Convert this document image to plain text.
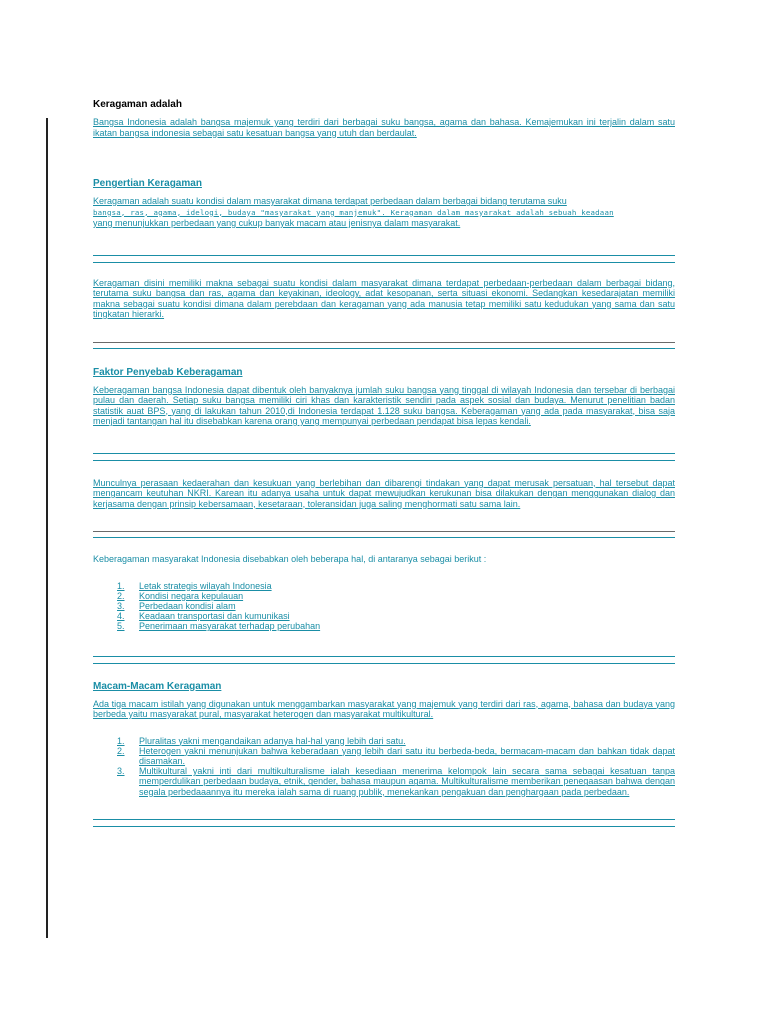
Keragaman adalah

Bangsa Indonesia adalah bangsa majemuk yang terdiri dari berbagai suku bangsa, agama dan bahasa. Kemajemukan ini terjalin dalam satu ikatan bangsa indonesia sebagai satu kesatuan bangsa yang utuh dan berdaulat.

Pengertian Keragaman

Keragaman adalah suatu kondisi dalam masyarakat dimana terdapat perbedaan dalam berbagai bidang terutama suku
bangsa, ras, agama, idelogi, budaya "masyarakat yang manjemuk". Keragaman dalam masyarakat adalah sebuah keadaan
yang menunjukkan perbedaan yang cukup banyak macam atau jenisnya dalam masyarakat.

Keragaman disini memiliki makna sebagai suatu kondisi dalam masyarakat dimana terdapat perbedaan-perbedaan dalam berbagai bidang, terutama suku bangsa dan ras, agama dan keyakinan, ideology, adat kesopanan, serta situasi ekonomi. Sedangkan kesedarajatan memiliki makna sebagai suatu kondisi dimana dalam perebdaan dan keragaman yang ada manusia tetap memiliki satu kedudukan yang sama dan satu tingkatan hierarki.

Faktor Penyebab Keberagaman

Keberagaman bangsa Indonesia dapat dibentuk oleh banyaknya jumlah suku bangsa yang tinggal di wilayah Indonesia dan tersebar di berbagai pulau dan daerah. Setiap suku bangsa memiliki ciri khas dan karakteristik sendiri pada aspek sosial dan budaya. Menurut penelitian badan statistik auat BPS, yang di lakukan tahun 2010,di Indonesia terdapat 1.128 suku bangsa. Keberagaman yang ada pada masyarakat, bisa saja menjadi tantangan hal itu disebabkan karena orang yang mempunyai perbedaan pendapat bisa lepas kendali.

Munculnya perasaan kedaerahan dan kesukuan yang berlebihan dan dibarengi tindakan yang dapat merusak persatuan, hal tersebut dapat mengancam keutuhan NKRI. Karean itu adanya usaha untuk dapat mewujudkan kerukunan bisa dilakukan dengan menggunakan dialog dan kerjasama dengan prinsip kebersamaan, kesetaraan, toleransidan juga saling menghormati satu sama lain.

Keberagaman masyarakat Indonesia disebabkan oleh beberapa hal, di antaranya sebagai berikut :

1.	Letak strategis wilayah Indonesia
2.	Kondisi negara kepulauan
3.	Perbedaan kondisi alam
4.	Keadaan transportasi dan kumunikasi
5.	Penerimaan masyarakat terhadap perubahan
Macam-Macam Keragaman

Ada tiga macam istilah yang digunakan untuk menggambarkan masyarakat yang majemuk yang terdiri dari ras, agama, bahasa dan budaya yang berbeda yaitu masyarakat pural, masyarakat heterogen dan masyarakat multikultural.

1.	Pluralitas yakni mengandaikan adanya hal-hal yang lebih dari satu.
2.	Heterogen yakni menunjukan bahwa keberadaan yang lebih dari satu itu berbeda-beda, bermacam-macam dan bahkan tidak dapat disamakan.
3.	Multikultural yakni inti dari multikulturalisme ialah kesediaan menerima kelompok lain secara sama sebagai kesatuan tanpa memperdulikan perbedaan budaya, etnik, gender, bahasa maupun agama. Multikulturalisme memberikan penegaasan bahwa dengan segala perbedaaannya itu mereka ialah sama di ruang publik, menekankan pengakuan dan penghargaan pada perbedaan.
